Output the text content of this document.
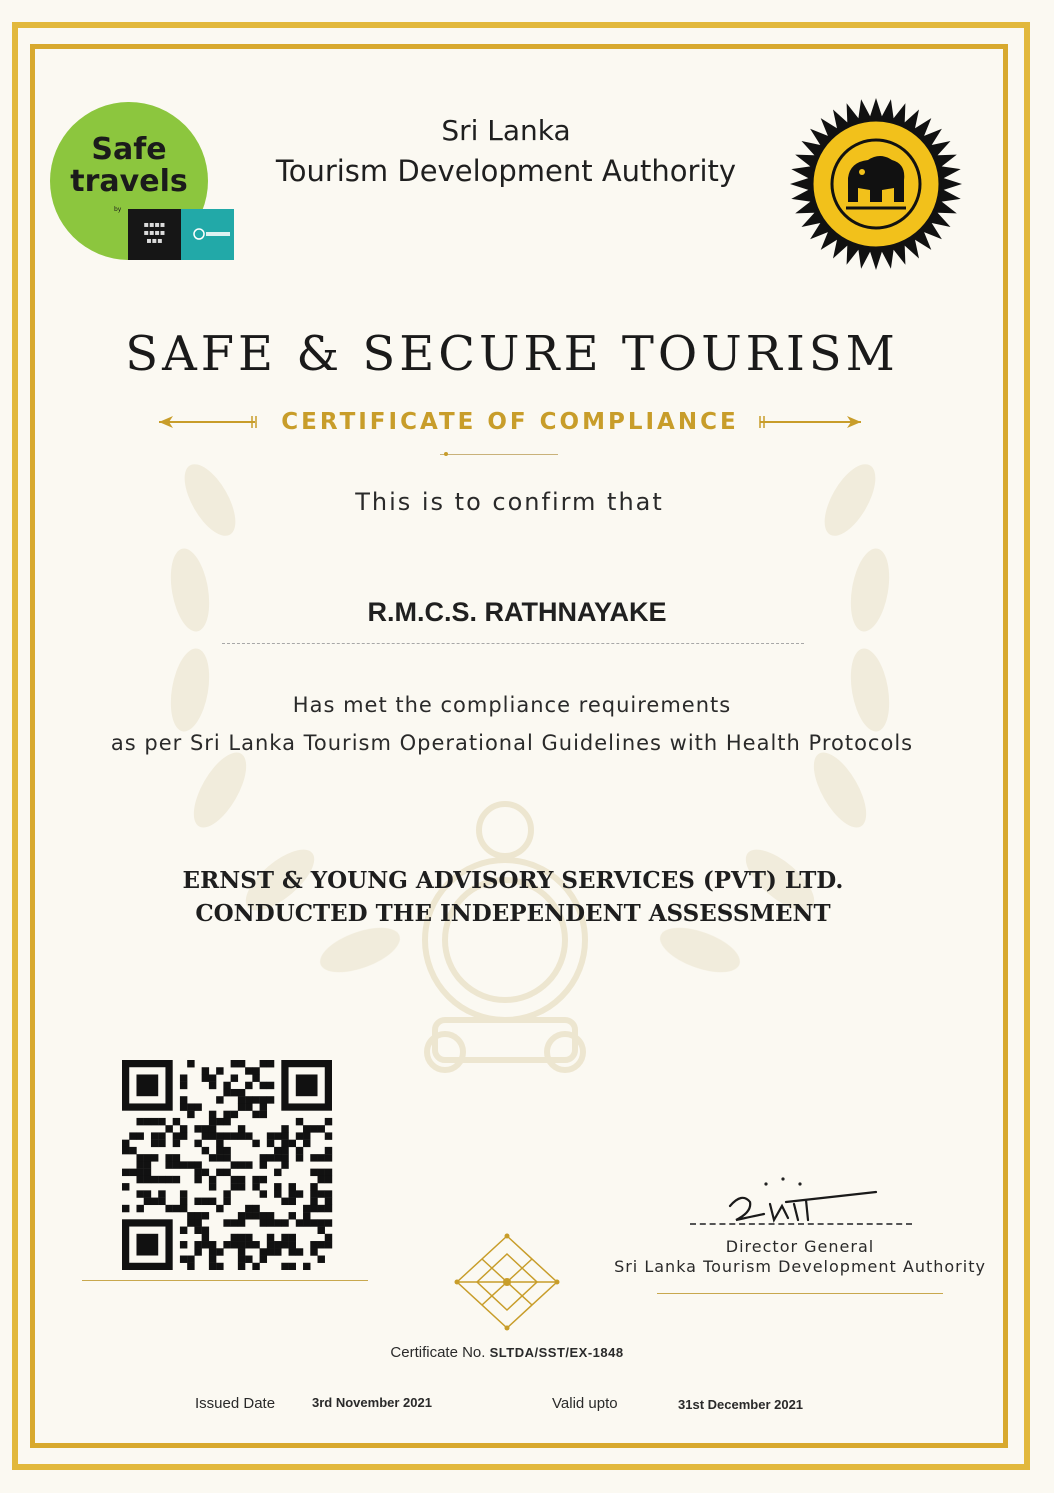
Safe
travels
by
▪▪▪▪
▪▪▪▪
▪▪▪
Sri Lanka
Tourism Development Authority
SAFE & SECURE TOURISM
CERTIFICATE OF COMPLIANCE
This is to confirm that
R.M.C.S. RATHNAYAKE
Has met the compliance requirements
as per Sri Lanka Tourism Operational Guidelines with Health Protocols
ERNST & YOUNG ADVISORY SERVICES (PVT) LTD.
CONDUCTED THE INDEPENDENT ASSESSMENT
Director General
Sri Lanka Tourism Development Authority
Certificate No. SLTDA/SST/EX-1848
Issued Date	3rd November 2021	Valid upto	31st December 2021
